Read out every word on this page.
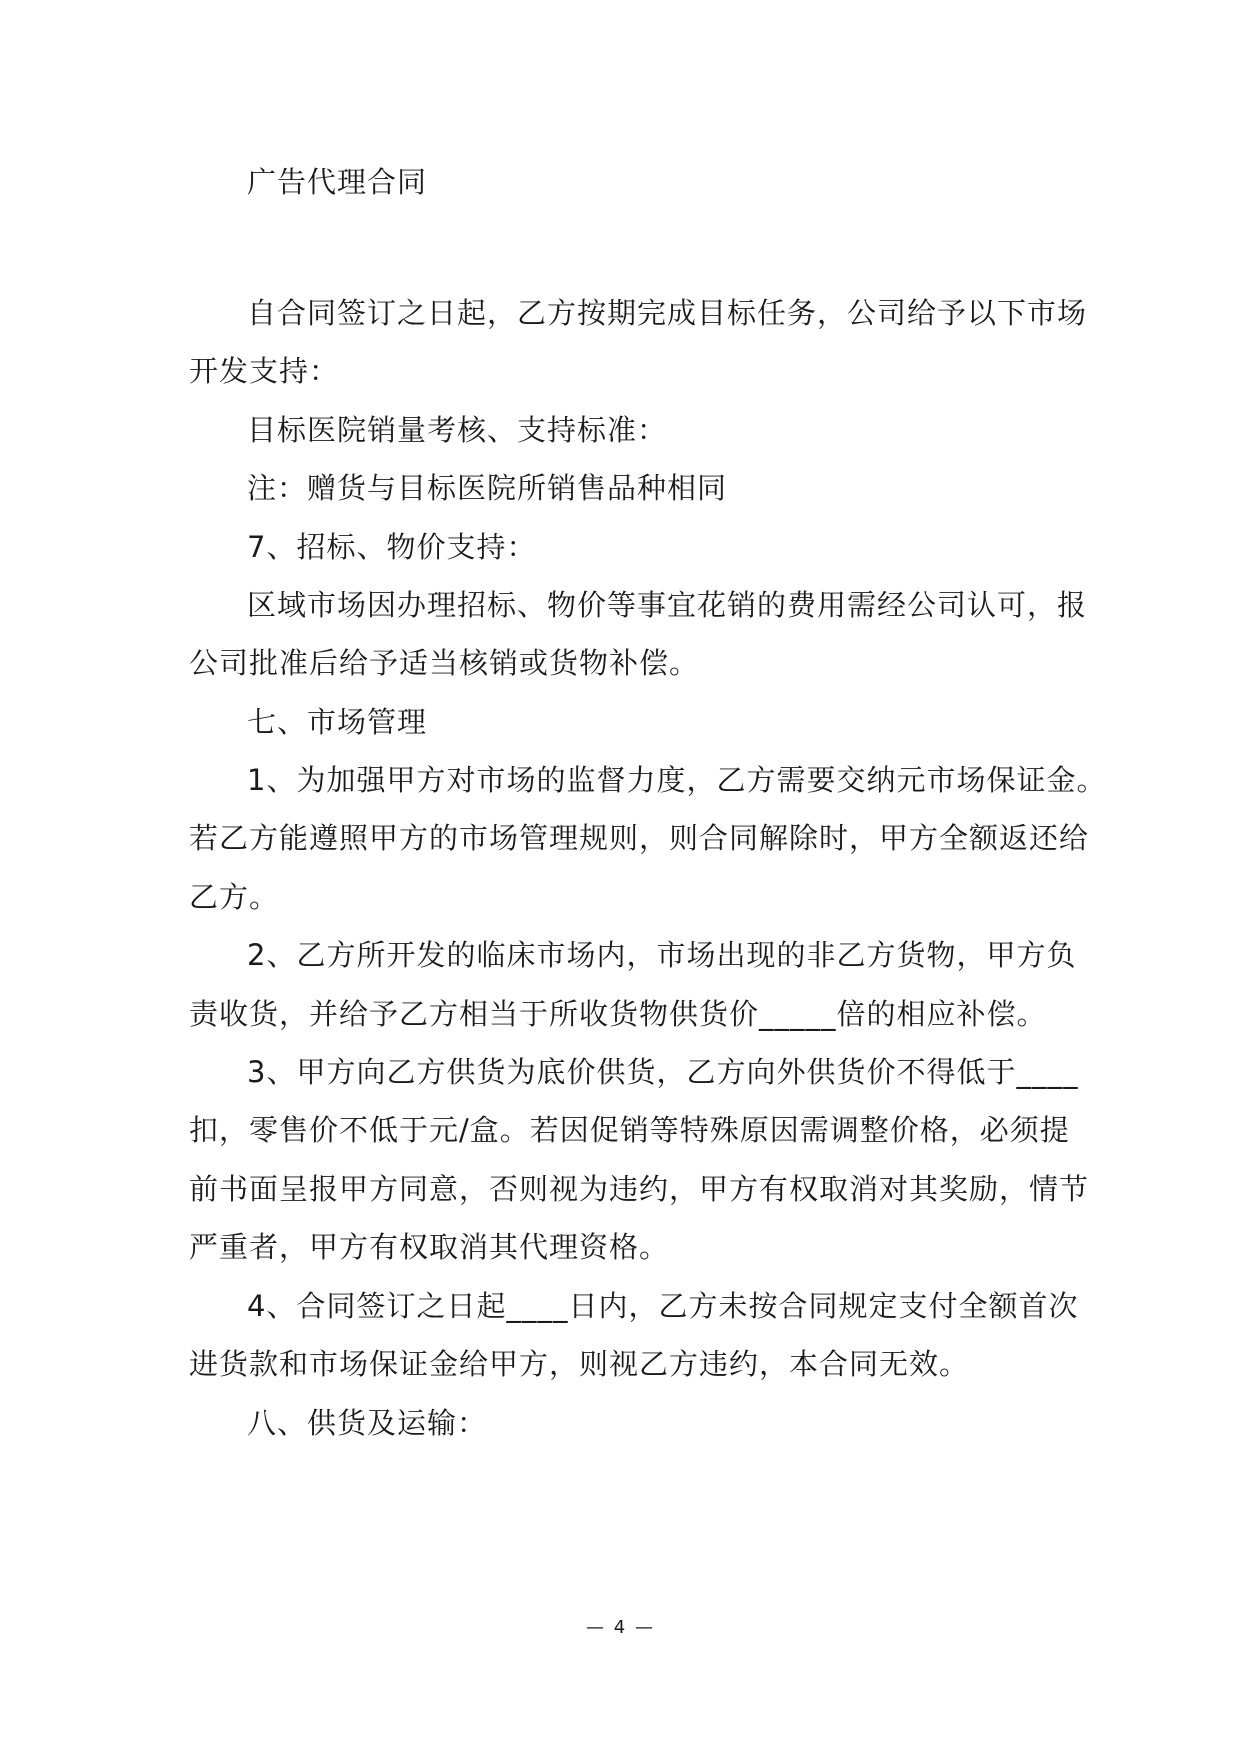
广告代理合同
自合同签订之日起，乙方按期完成目标任务，公司给予以下市场
开发支持：
目标医院销量考核、支持标准：
注：赠货与目标医院所销售品种相同
7、招标、物价支持：
区域市场因办理招标、物价等事宜花销的费用需经公司认可，报
公司批准后给予适当核销或货物补偿。
七、市场管理
1、为加强甲方对市场的监督力度，乙方需要交纳元市场保证金。
若乙方能遵照甲方的市场管理规则，则合同解除时，甲方全额返还给
乙方。
2、乙方所开发的临床市场内，市场出现的非乙方货物，甲方负
责收货，并给予乙方相当于所收货物供货价_____倍的相应补偿。
3、甲方向乙方供货为底价供货，乙方向外供货价不得低于____
扣，零售价不低于元/盒。若因促销等特殊原因需调整价格，必须提
前书面呈报甲方同意，否则视为违约，甲方有权取消对其奖励，情节
严重者，甲方有权取消其代理资格。
4、合同签订之日起____日内，乙方未按合同规定支付全额首次
进货款和市场保证金给甲方，则视乙方违约，本合同无效。
八、供货及运输：
— 4 —
